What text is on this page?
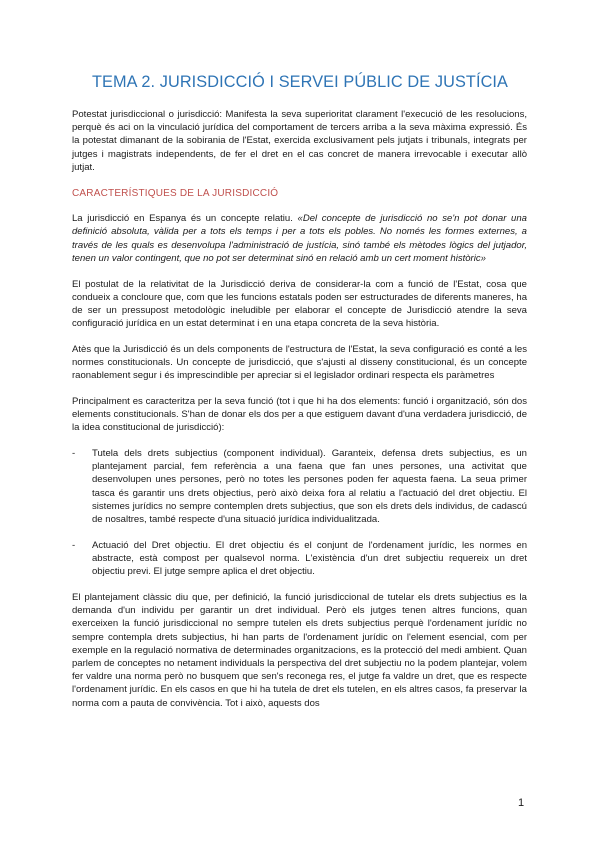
TEMA 2. JURISDICCIÓ I SERVEI PÚBLIC DE JUSTÍCIA

Potestat jurisdiccional o jurisdicció: Manifesta la seva superioritat clarament l'execució de les resolucions, perquè és aci on la vinculació jurídica del comportament de tercers arriba a la seva màxima expressió. És la potestat dimanant de la sobirania de l'Estat, exercida exclusivament pels jutjats i tribunals, integrats per jutges i magistrats independents, de fer el dret en el cas concret de manera irrevocable i executar allò jutjat.

CARACTERÍSTIQUES DE LA JURISDICCIÓ

La jurisdicció en Espanya és un concepte relatiu. «Del concepte de jurisdicció no se'n pot donar una definició absoluta, vàlida per a tots els temps i per a tots els pobles. No només les formes externes, a través de les quals es desenvolupa l'administració de justícia, sinó també els mètodes lògics del jutjador, tenen un valor contingent, que no pot ser determinat sinó en relació amb un cert moment històric»

El postulat de la relativitat de la Jurisdicció deriva de considerar-la com a funció de l'Estat, cosa que condueix a concloure que, com que les funcions estatals poden ser estructurades de diferents maneres, ha de ser un pressupost metodològic ineludible per elaborar el concepte de Jurisdicció atendre la seva configuració jurídica en un estat determinat i en una etapa concreta de la seva història.

Atès que la Jurisdicció és un dels components de l'estructura de l'Estat, la seva configuració es conté a les normes constitucionals. Un concepte de jurisdicció, que s'ajusti al disseny constitucional, és un concepte raonablement segur i és imprescindible per apreciar si el legislador ordinari respecta els paràmetres

Principalment es caracteritza per la seva funció (tot i que hi ha dos elements: funció i organització, són dos elements constitucionals. S'han de donar els dos per a que estiguem davant d'una verdadera jurisdicció, de la idea constitucional de jurisdicció):

- Tutela dels drets subjectius (component individual). Garanteix, defensa drets subjectius, es un plantejament parcial, fem referència a una faena que fan unes persones, una activitat que desenvolupen unes persones, però no totes les persones poden fer aquesta faena. La seua primer tasca és garantir uns drets objectius, però això deixa fora al relatiu a l'actuació del dret objectiu. El sistemes jurídics no sempre contemplen drets subjectius, que son els drets dels individus, de cadascú de nosaltres, també respecte d'una situació jurídica individualitzada.
- Actuació del Dret objectiu. El dret objectiu és el conjunt de l'ordenament jurídic, les normes en abstracte, està compost per qualsevol norma. L'existència d'un dret subjectiu requereix un dret objectiu previ. El jutge sempre aplica el dret objectiu.

El plantejament clàssic diu que, per definició, la funció jurisdiccional de tutelar els drets subjectius es la demanda d'un individu per garantir un dret individual. Però els jutges tenen altres funcions, quan exerceixen la funció jurisdiccional no sempre tutelen els drets subjectius perquè l'ordenament jurídic no sempre contempla drets subjectius, hi han parts de l'ordenament jurídic on l'element esencial, com per exemple en la regulació normativa de determinades organitzacions, es la protecció del medi ambient. Quan parlem de conceptes no netament individuals la perspectiva del dret subjectiu no la podem plantejar, volem fer valdre una norma però no busquem que sen's reconega res, el jutge fa valdre un dret, que es respecte l'ordenament jurídic. En els casos en que hi ha tutela de dret els tutelen, en els altres casos, fa preservar la norma com a pauta de convivència. Tot i això, aquests dos

1
